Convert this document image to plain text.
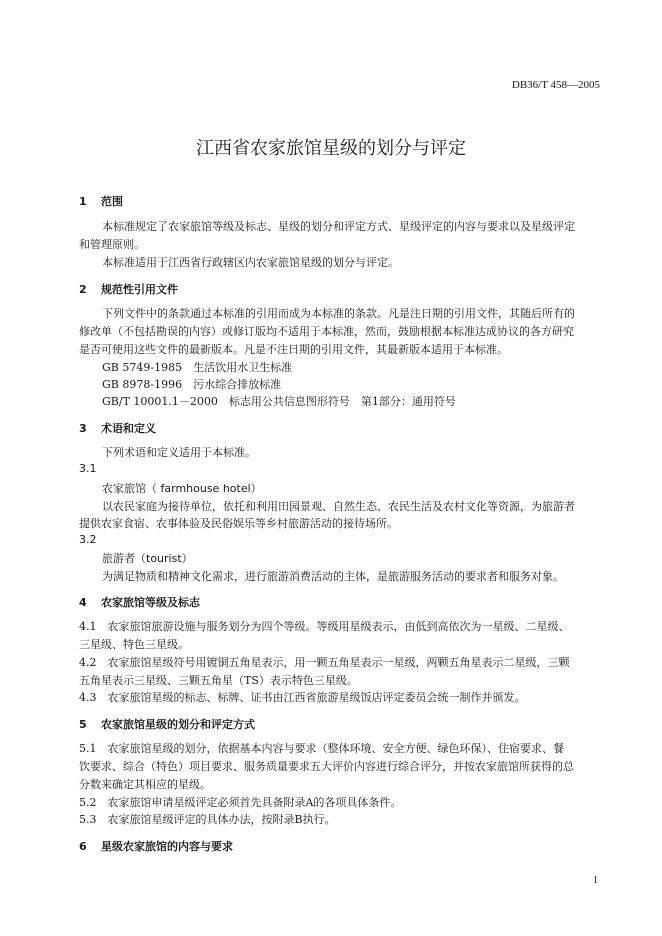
DB36/T 458—2005
江西省农家旅馆星级的划分与评定
1 范围
本标准规定了农家旅馆等级及标志、星级的划分和评定方式、星级评定的内容与要求以及星级评定
和管理原则。
本标准适用于江西省行政辖区内农家旅馆星级的划分与评定。
2 规范性引用文件
下列文件中的条款通过本标准的引用而成为本标准的条款。凡是注日期的引用文件，其随后所有的
修改单（不包括勘误的内容）或修订版均不适用于本标准，然而，鼓励根据本标准达成协议的各方研究
是否可使用这些文件的最新版本。凡是不注日期的引用文件，其最新版本适用于本标准。
GB 5749-1985　生活饮用水卫生标准
GB 8978-1996　污水综合排放标准
GB/T 10001.1－2000　标志用公共信息图形符号　第1部分：通用符号
3 术语和定义
下列术语和定义适用于本标准。
3.1
农家旅馆（ farmhouse hotel）
以农民家庭为接待单位，依托和利用田园景观、自然生态、农民生活及农村文化等资源，为旅游者
提供农家食宿、农事体验及民俗娱乐等乡村旅游活动的接待场所。
3.2
旅游者（tourist）
为满足物质和精神文化需求，进行旅游消费活动的主体，是旅游服务活动的要求者和服务对象。
4 农家旅馆等级及标志
4.1　农家旅馆旅游设施与服务划分为四个等级。等级用星级表示，由低到高依次为一星级、二星级、
三星级、特色三星级。
4.2　农家旅馆星级符号用镀铜五角星表示，用一颗五角星表示一星级，两颗五角星表示二星级，三颗
五角星表示三星级、三颗五角星（TS）表示特色三星级。
4.3　农家旅馆星级的标志、标牌、证书由江西省旅游星级饭店评定委员会统一制作并颁发。
5 农家旅馆星级的划分和评定方式
5.1　农家旅馆星级的划分，依据基本内容与要求（整体环境、安全方便、绿色环保）、住宿要求、餐
饮要求、综合（特色）项目要求、服务质量要求五大评价内容进行综合评分，并按农家旅馆所获得的总
分数来确定其相应的星级。
5.2　农家旅馆申请星级评定必须首先具备附录A的各项具体条件。
5.3　农家旅馆星级评定的具体办法，按附录B执行。
6 星级农家旅馆的内容与要求
1
